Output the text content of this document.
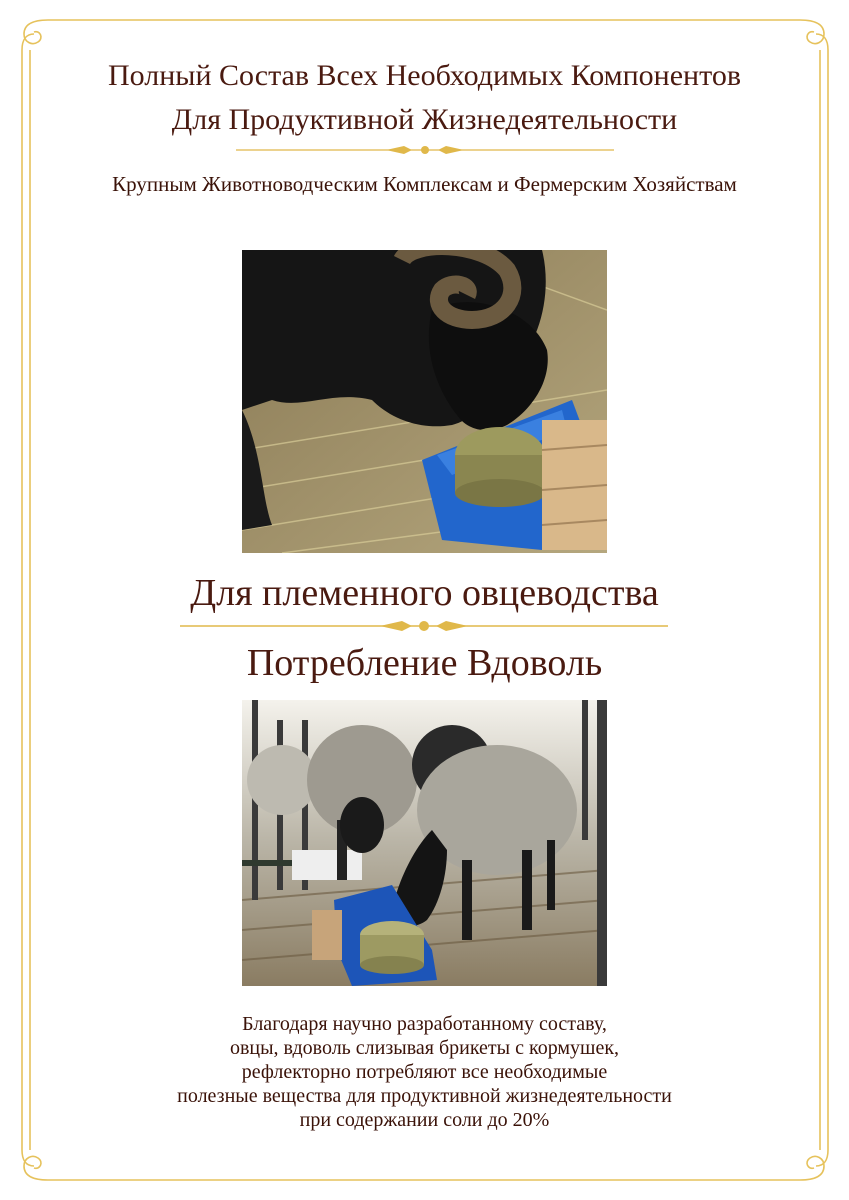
Полный Состав Всех Необходимых Компонентов
Для Продуктивной Жизнедеятельности
Крупным Животноводческим Комплексам и Фермерским Хозяйствам
Для племенного овцеводства
Потребление Вдоволь
Благодаря научно разработанному составу,
овцы, вдоволь слизывая брикеты с кормушек,
рефлекторно потребляют все необходимые
полезные вещества для продуктивной жизнедеятельности
при содержании соли до 20%
